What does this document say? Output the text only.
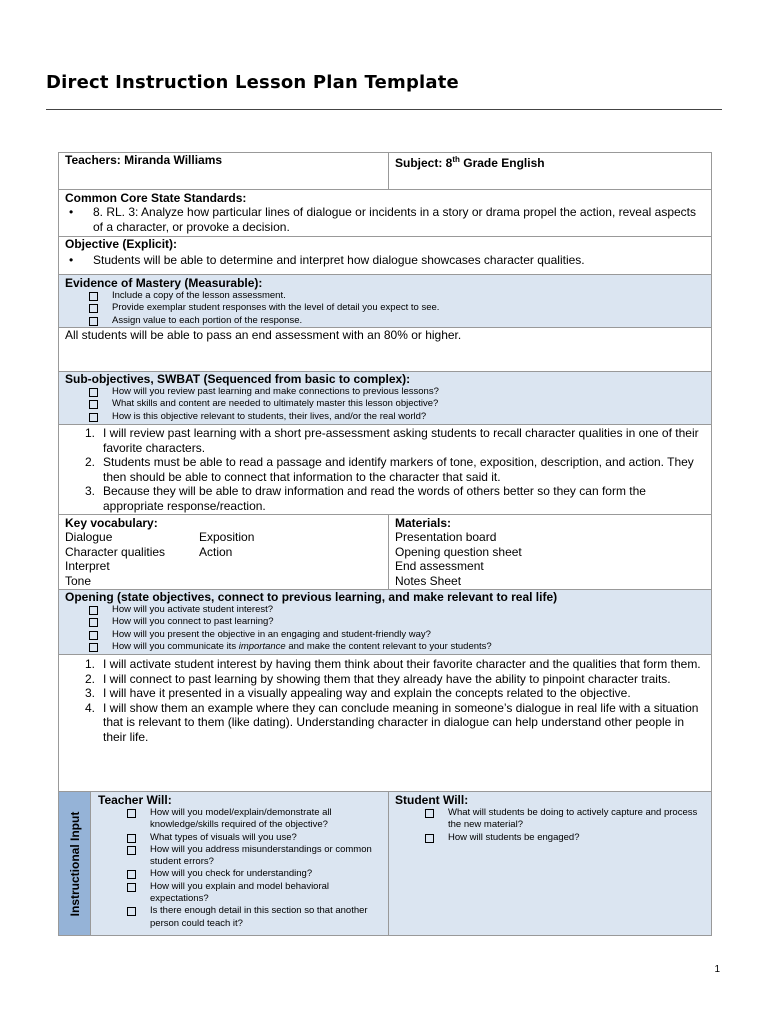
Direct Instruction Lesson Plan Template
Teachers: Miranda Williams	Subject: 8th Grade English
Common Core State Standards:
•	8. RL. 3: Analyze how particular lines of dialogue or incidents in a story or drama propel the action, reveal aspects of a character, or provoke a decision.
Objective (Explicit):
•	Students will be able to determine and interpret how dialogue showcases character qualities.
Evidence of Mastery (Measurable):
Include a copy of the lesson assessment.
Provide exemplar student responses with the level of detail you expect to see.
Assign value to each portion of the response.
All students will be able to pass an end assessment with an 80% or higher.
Sub-objectives, SWBAT (Sequenced from basic to complex):
How will you review past learning and make connections to previous lessons?
What skills and content are needed to ultimately master this lesson objective?
How is this objective relevant to students, their lives, and/or the real world?
1. I will review past learning with a short pre-assessment asking students to recall character qualities in one of their favorite characters.
2. Students must be able to read a passage and identify markers of tone, exposition, description, and action. They then should be able to connect that information to the character that said it.
3. Because they will be able to draw information and read the words of others better so they can form the appropriate response/reaction.
Key vocabulary:
Dialogue	Exposition
Character qualities	Action
Interpret
Tone
Materials:
Presentation board
Opening question sheet
End assessment
Notes Sheet
Opening (state objectives, connect to previous learning, and make relevant to real life)
How will you activate student interest?
How will you connect to past learning?
How will you present the objective in an engaging and student-friendly way?
How will you communicate its importance and make the content relevant to your students?
1. I will activate student interest by having them think about their favorite character and the qualities that form them.
2. I will connect to past learning by showing them that they already have the ability to pinpoint character traits.
3. I will have it presented in a visually appealing way and explain the concepts related to the objective.
4. I will show them an example where they can conclude meaning in someone’s dialogue in real life with a situation that is relevant to them (like dating). Understanding character in dialogue can help understand other people in their life.
Instructional Input
Teacher Will:
How will you model/explain/demonstrate all knowledge/skills required of the objective?
What types of visuals will you use?
How will you address misunderstandings or common student errors?
How will you check for understanding?
How will you explain and model behavioral expectations?
Is there enough detail in this section so that another person could teach it?
Student Will:
What will students be doing to actively capture and process the new material?
How will students be engaged?
1
